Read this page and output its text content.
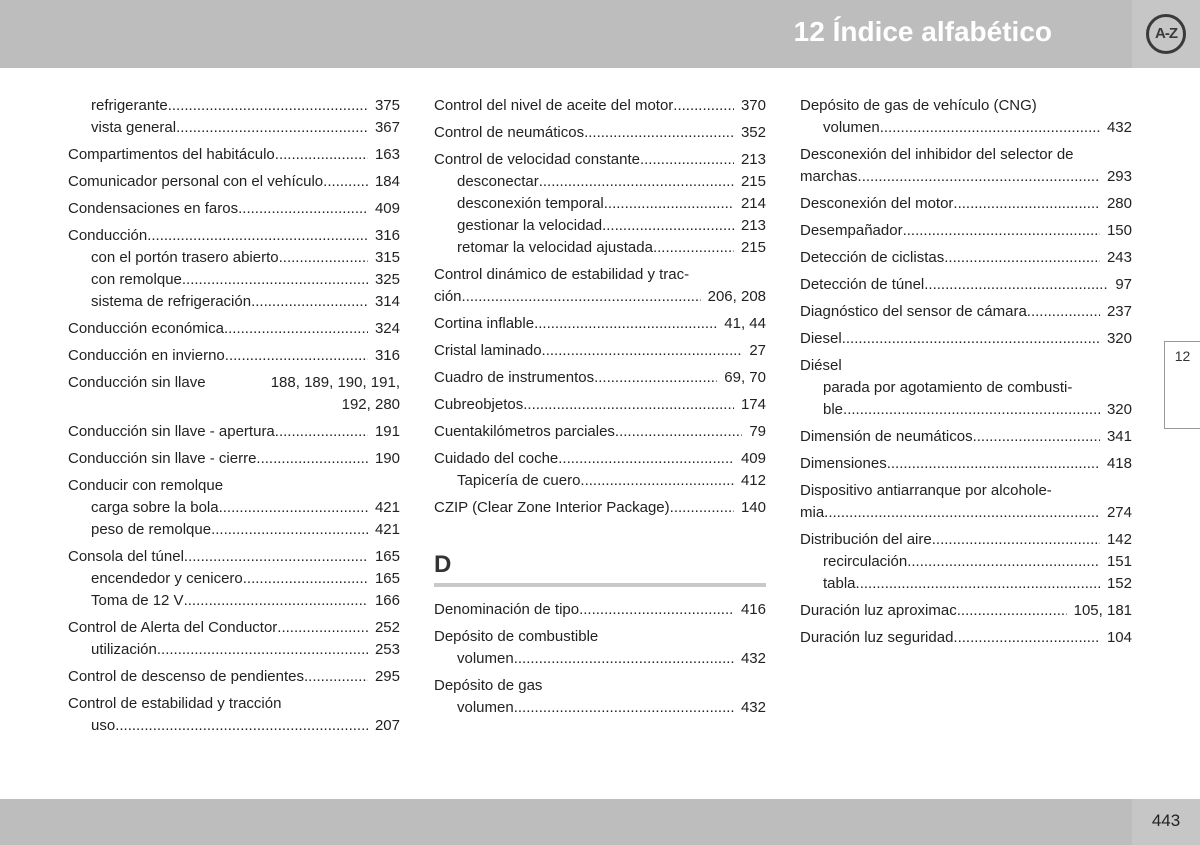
12 Índice alfabético	A-Z
refrigerante .....	375
vista general .....	367
Compartimentos del habitáculo .....	163
Comunicador personal con el vehículo .....	184
Condensaciones en faros .....	409
Conducción .....	316
con el portón trasero abierto .....	315
con remolque .....	325
sistema de refrigeración .....	314
Conducción económica .....	324
Conducción en invierno .....	316
Conducción sin llave	188, 189, 190, 191,
192, 280
Conducción sin llave - apertura .....	191
Conducción sin llave - cierre .....	190
Conducir con remolque
carga sobre la bola .....	421
peso de remolque .....	421
Consola del túnel .....	165
encendedor y cenicero .....	165
Toma de 12 V .....	166
Control de Alerta del Conductor .....	252
utilización .....	253
Control de descenso de pendientes .....	295
Control de estabilidad y tracción
uso .....	207
Control del nivel de aceite del motor .....	370
Control de neumáticos .....	352
Control de velocidad constante .....	213
desconectar .....	215
desconexión temporal .....	214
gestionar la velocidad .....	213
retomar la velocidad ajustada .....	215
Control dinámico de estabilidad y trac-
ción .....	206, 208
Cortina inflable .....	41, 44
Cristal laminado .....	27
Cuadro de instrumentos .....	69, 70
Cubreobjetos .....	174
Cuentakilómetros parciales .....	79
Cuidado del coche .....	409
Tapicería de cuero .....	412
CZIP (Clear Zone Interior Package) .....	140
D
Denominación de tipo .....	416
Depósito de combustible
volumen .....	432
Depósito de gas
volumen .....	432
Depósito de gas de vehículo (CNG)
volumen .....	432
Desconexión del inhibidor del selector de
marchas .....	293
Desconexión del motor .....	280
Desempañador .....	150
Detección de ciclistas .....	243
Detección de túnel .....	97
Diagnóstico del sensor de cámara .....	237
Diesel .....	320
Diésel
parada por agotamiento de combusti-
ble .....	320
Dimensión de neumáticos .....	341
Dimensiones .....	418
Dispositivo antiarranque por alcohole-
mia .....	274
Distribución del aire .....	142
recirculación .....	151
tabla .....	152
Duración luz aproximac .....	105, 181
Duración luz seguridad .....	104
12
443
